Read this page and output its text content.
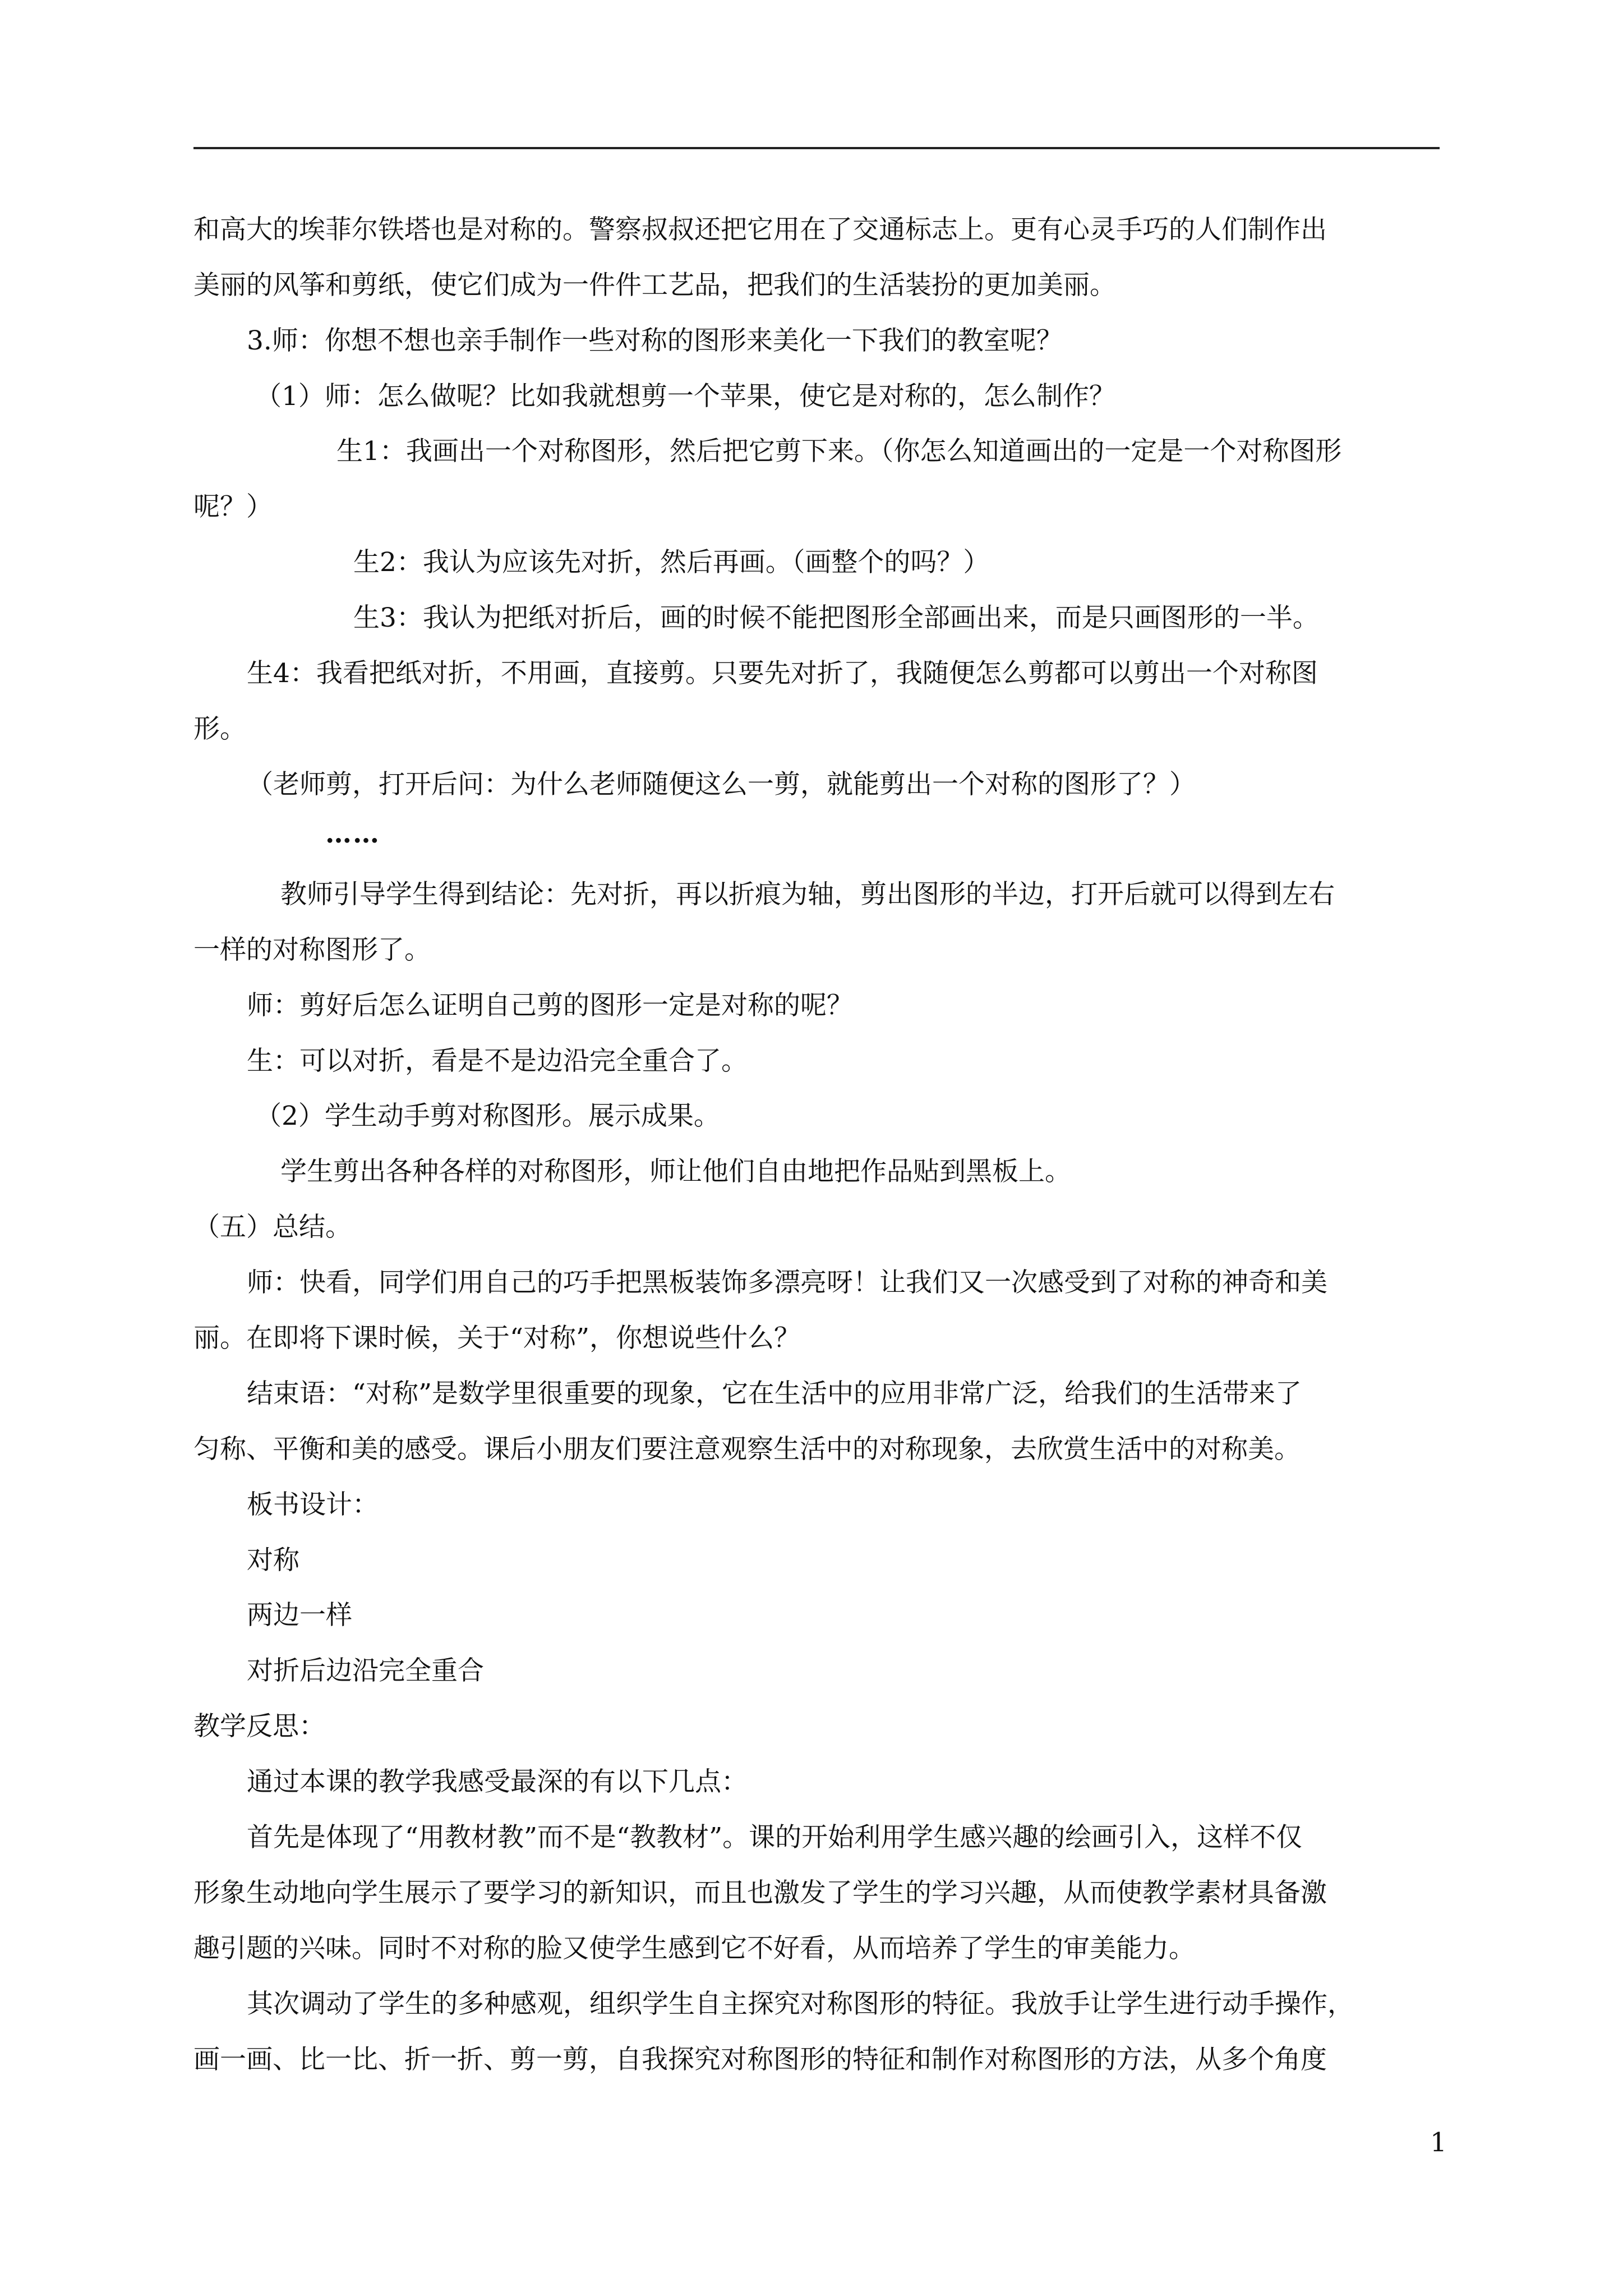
和高大的埃菲尔铁塔也是对称的。警察叔叔还把它用在了交通标志上。更有心灵手巧的人们制作出
美丽的风筝和剪纸，使它们成为一件件工艺品，把我们的生活装扮的更加美丽。
3.师：你想不想也亲手制作一些对称的图形来美化一下我们的教室呢？
（1）师：怎么做呢？比如我就想剪一个苹果，使它是对称的，怎么制作？
生1：我画出一个对称图形，然后把它剪下来。（你怎么知道画出的一定是一个对称图形
呢？）
生2：我认为应该先对折，然后再画。（画整个的吗？）
生3：我认为把纸对折后，画的时候不能把图形全部画出来，而是只画图形的一半。
生4：我看把纸对折，不用画，直接剪。只要先对折了，我随便怎么剪都可以剪出一个对称图
形。
（老师剪，打开后问：为什么老师随便这么一剪，就能剪出一个对称的图形了？）
……
教师引导学生得到结论：先对折，再以折痕为轴，剪出图形的半边，打开后就可以得到左右
一样的对称图形了。
师：剪好后怎么证明自己剪的图形一定是对称的呢？
生：可以对折，看是不是边沿完全重合了。
（2）学生动手剪对称图形。展示成果。
学生剪出各种各样的对称图形，师让他们自由地把作品贴到黑板上。
（五）总结。
师：快看，同学们用自己的巧手把黑板装饰多漂亮呀！让我们又一次感受到了对称的神奇和美
丽。在即将下课时候，关于“对称”，你想说些什么？
结束语：“对称”是数学里很重要的现象，它在生活中的应用非常广泛，给我们的生活带来了
匀称、平衡和美的感受。课后小朋友们要注意观察生活中的对称现象，去欣赏生活中的对称美。
板书设计：
对称
两边一样
对折后边沿完全重合
教学反思：
通过本课的教学我感受最深的有以下几点：
首先是体现了“用教材教”而不是“教教材”。课的开始利用学生感兴趣的绘画引入，这样不仅
形象生动地向学生展示了要学习的新知识，而且也激发了学生的学习兴趣，从而使教学素材具备激
趣引题的兴味。同时不对称的脸又使学生感到它不好看，从而培养了学生的审美能力。
其次调动了学生的多种感观，组织学生自主探究对称图形的特征。我放手让学生进行动手操作，
画一画、比一比、折一折、剪一剪，自我探究对称图形的特征和制作对称图形的方法，从多个角度
1
